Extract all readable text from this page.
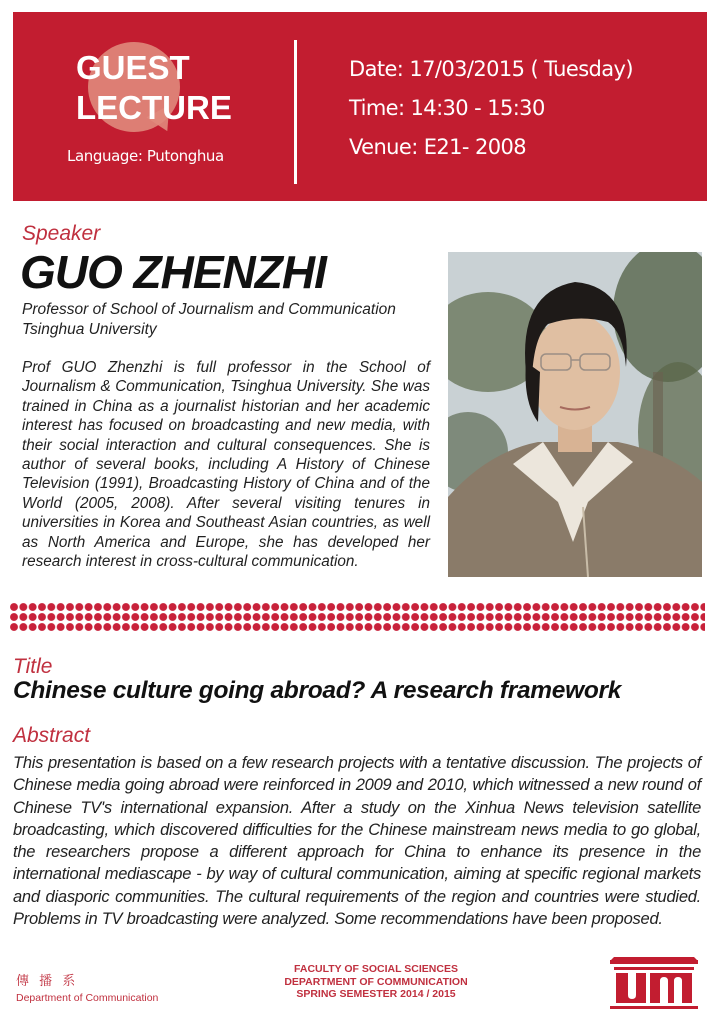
GUEST
LECTURE
Language: Putonghua
Date: 17/03/2015 ( Tuesday)
Time: 14:30 - 15:30
Venue: E21- 2008
Speaker
GUO ZHENZHI
Professor of School of Journalism and Communication
Tsinghua University
Prof GUO Zhenzhi is full professor in the School of Journalism & Communication, Tsinghua University. She was trained in China as a journalist historian and her academic interest has focused on broadcasting and new media, with their social interaction and cultural consequences. She is author of several books, including A History of Chinese Television (1991), Broadcasting History of China and of the World (2005, 2008). After several visiting tenures in universities in Korea and Southeast Asian countries, as well as North America and Europe, she has developed her research interest in cross-cultural communication.
Title
Chinese culture going abroad? A research framework
Abstract
This presentation is based on a few research projects with a tentative discussion. The projects of Chinese media going abroad were reinforced in 2009 and 2010, which witnessed a new round of Chinese TV's international expansion. After a study on the Xinhua News television satellite broadcasting, which discovered difficulties for the Chinese mainstream news media to go global, the researchers propose a different approach for China to enhance its presence in the international mediascape - by way of cultural communication, aiming at specific regional markets and diasporic communities. The cultural requirements of the region and countries were studied. Problems in TV broadcasting were analyzed. Some recommendations have been proposed.
傳 播 系
Department of Communication
FACULTY OF SOCIAL SCIENCES
DEPARTMENT OF COMMUNICATION
SPRING SEMESTER 2014 / 2015
